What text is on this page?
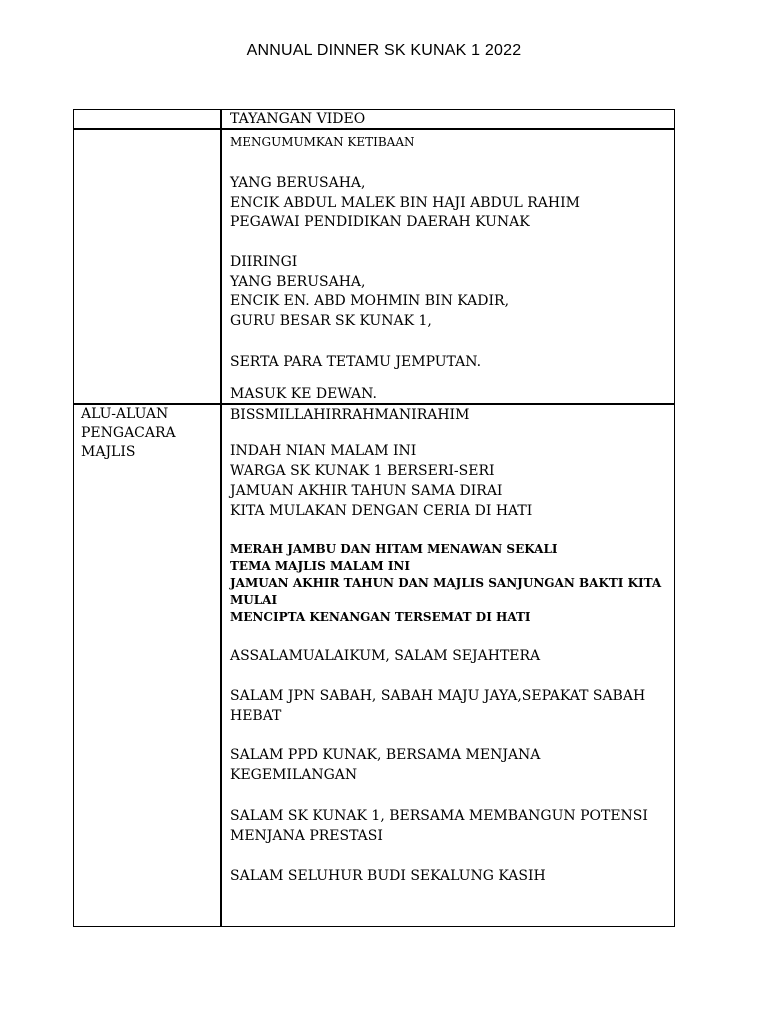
ANNUAL DINNER SK KUNAK 1 2022
TAYANGAN VIDEO
MENGUMUMKAN KETIBAAN
YANG BERUSAHA,
ENCIK ABDUL MALEK BIN HAJI ABDUL RAHIM
PEGAWAI PENDIDIKAN DAERAH KUNAK
DIIRINGI
YANG BERUSAHA,
ENCIK EN. ABD MOHMIN BIN KADIR,
GURU BESAR SK KUNAK 1,
SERTA PARA TETAMU JEMPUTAN.
MASUK KE DEWAN.
ALU-ALUAN
PENGACARA
MAJLIS
BISSMILLAHIRRAHMANIRAHIM
INDAH NIAN MALAM INI
WARGA SK KUNAK 1 BERSERI-SERI
JAMUAN AKHIR TAHUN SAMA DIRAI
KITA MULAKAN DENGAN CERIA DI HATI
MERAH JAMBU DAN HITAM MENAWAN SEKALI
TEMA MAJLIS MALAM INI
JAMUAN AKHIR TAHUN DAN MAJLIS SANJUNGAN BAKTI KITA
MULAI
MENCIPTA KENANGAN TERSEMAT DI HATI
ASSALAMUALAIKUM, SALAM SEJAHTERA
SALAM JPN SABAH, SABAH MAJU JAYA,SEPAKAT SABAH
HEBAT
SALAM PPD KUNAK, BERSAMA MENJANA
KEGEMILANGAN
SALAM SK KUNAK 1, BERSAMA MEMBANGUN POTENSI
MENJANA PRESTASI
SALAM SELUHUR BUDI SEKALUNG KASIH
